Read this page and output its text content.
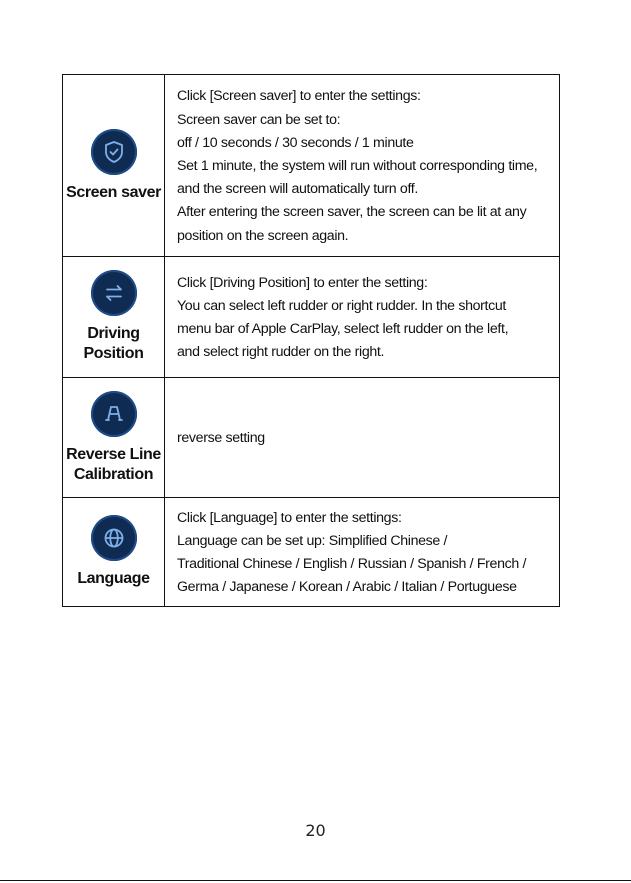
Screen saver
Click [Screen saver] to enter the settings:
Screen saver can be set to:
off / 10 seconds / 30 seconds / 1 minute
Set 1 minute, the system will run without corresponding time,
and the screen will automatically turn off.
After entering the screen saver, the screen can be lit at any
position on the screen again.
Driving Position
Click [Driving Position] to enter the setting:
You can select left rudder or right rudder. In the shortcut
menu bar of Apple CarPlay, select left rudder on the left,
and select right rudder on the right.
Reverse Line Calibration
reverse setting
Language
Click [Language] to enter the settings:
Language can be set up: Simplified Chinese /
Traditional Chinese / English / Russian / Spanish / French /
Germa / Japanese / Korean / Arabic / Italian / Portuguese
20
